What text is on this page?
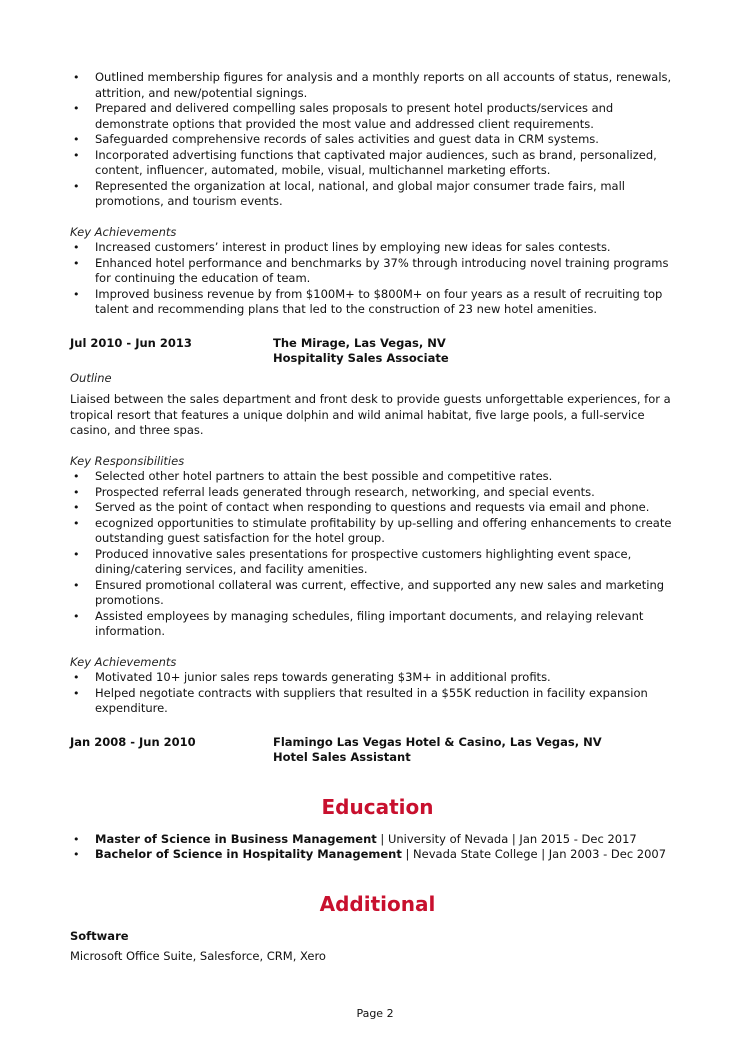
• Outlined membership figures for analysis and a monthly reports on all accounts of status, renewals, attrition, and new/potential signings.
• Prepared and delivered compelling sales proposals to present hotel products/services and demonstrate options that provided the most value and addressed client requirements.
• Safeguarded comprehensive records of sales activities and guest data in CRM systems.
• Incorporated advertising functions that captivated major audiences, such as brand, personalized, content, influencer, automated, mobile, visual, multichannel marketing efforts.
• Represented the organization at local, national, and global major consumer trade fairs, mall promotions, and tourism events.
Key Achievements
• Increased customers’ interest in product lines by employing new ideas for sales contests.
• Enhanced hotel performance and benchmarks by 37% through introducing novel training programs for continuing the education of team.
• Improved business revenue by from $100M+ to $800M+ on four years as a result of recruiting top talent and recommending plans that led to the construction of 23 new hotel amenities.
Jul 2010 - Jun 2013	The Mirage, Las Vegas, NV
Hospitality Sales Associate
Outline
Liaised between the sales department and front desk to provide guests unforgettable experiences, for a tropical resort that features a unique dolphin and wild animal habitat, five large pools, a full-service casino, and three spas.
Key Responsibilities
• Selected other hotel partners to attain the best possible and competitive rates.
• Prospected referral leads generated through research, networking, and special events.
• Served as the point of contact when responding to questions and requests via email and phone.
• ecognized opportunities to stimulate profitability by up-selling and offering enhancements to create outstanding guest satisfaction for the hotel group.
• Produced innovative sales presentations for prospective customers highlighting event space, dining/catering services, and facility amenities.
• Ensured promotional collateral was current, effective, and supported any new sales and marketing promotions.
• Assisted employees by managing schedules, filing important documents, and relaying relevant information.
Key Achievements
• Motivated 10+ junior sales reps towards generating $3M+ in additional profits.
• Helped negotiate contracts with suppliers that resulted in a $55K reduction in facility expansion expenditure.
Jan 2008 - Jun 2010	Flamingo Las Vegas Hotel & Casino, Las Vegas, NV
Hotel Sales Assistant
Education
• Master of Science in Business Management | University of Nevada | Jan 2015 - Dec 2017
• Bachelor of Science in Hospitality Management | Nevada State College | Jan 2003 - Dec 2007
Additional
Software
Microsoft Office Suite, Salesforce, CRM, Xero
Page 2
